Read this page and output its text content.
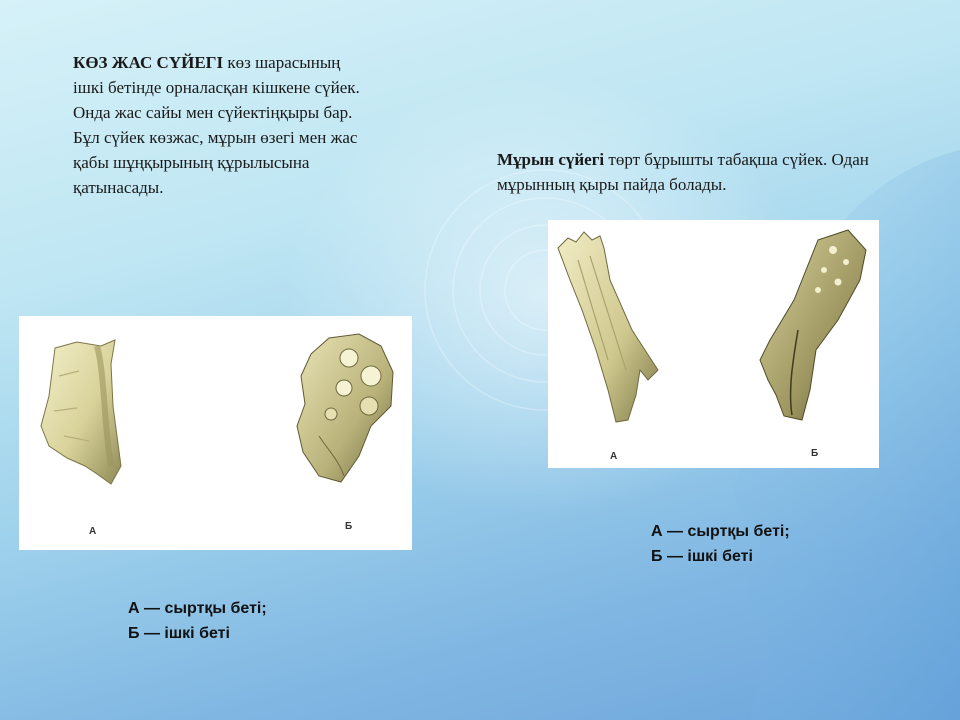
КӨЗ ЖАС СҮЙЕГІ көз шарасының ішкі бетінде орналасқан кішкене сүйек. Онда жас сайы мен сүйектіңқыры бар. Бұл сүйек көзжас, мұрын өзегі мен жас қабы шұңқырының құрылысына қатынасады.

Мұрын сүйегі төрт бұрышты табақша сүйек. Одан мұрынның қыры пайда болады.

А	Б
А	Б
А — сыртқы беті;
Б — ішкі беті
А — сыртқы беті;
Б — ішкі беті
